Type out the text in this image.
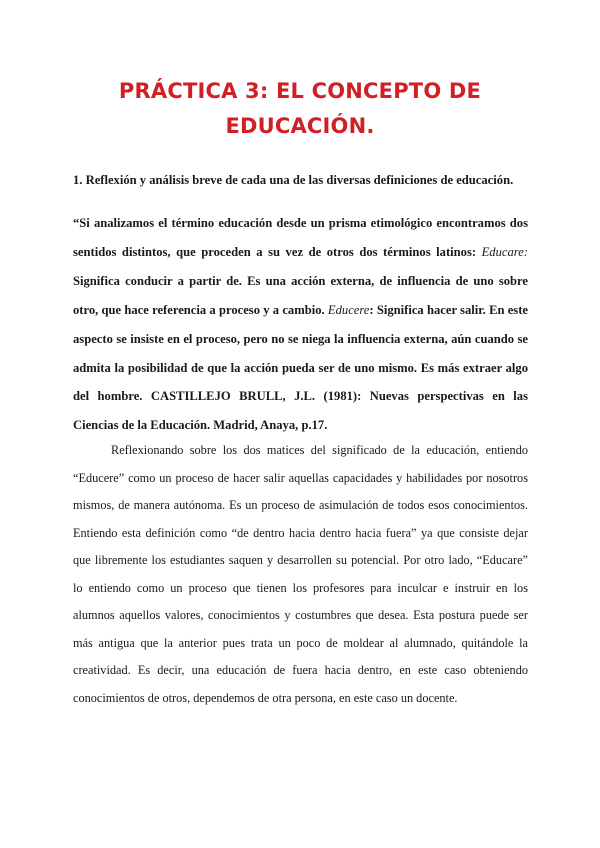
PRÁCTICA 3: EL CONCEPTO DE
EDUCACIÓN.
1. Reflexión y análisis breve de cada una de las diversas definiciones de educación.

“Si analizamos el término educación desde un prisma etimológico encontramos dos sentidos distintos, que proceden a su vez de otros dos términos latinos: Educare: Significa conducir a partir de. Es una acción externa, de influencia de uno sobre otro, que hace referencia a proceso y a cambio. Educere: Significa hacer salir. En este aspecto se insiste en el proceso, pero no se niega la influencia externa, aún cuando se admita la posibilidad de que la acción pueda ser de uno mismo. Es más extraer algo del hombre. CASTILLEJO BRULL, J.L. (1981): Nuevas perspectivas en las Ciencias de la Educación. Madrid, Anaya, p.17.

Reflexionando sobre los dos matices del significado de la educación, entiendo “Educere” como un proceso de hacer salir aquellas capacidades y habilidades por nosotros mismos, de manera autónoma. Es un proceso de asimulación de todos esos conocimientos. Entiendo esta definición como “de dentro hacia dentro hacia fuera” ya que consiste dejar que libremente los estudiantes saquen y desarrollen su potencial. Por otro lado, “Educare” lo entiendo como un proceso que tienen los profesores para inculcar e instruir en los alumnos aquellos valores, conocimientos y costumbres que desea. Esta postura puede ser más antigua que la anterior pues trata un poco de moldear al alumnado, quitándole la creatividad. Es decir, una educación de fuera hacia dentro, en este caso obteniendo conocimientos de otros, dependemos de otra persona, en este caso un docente.
